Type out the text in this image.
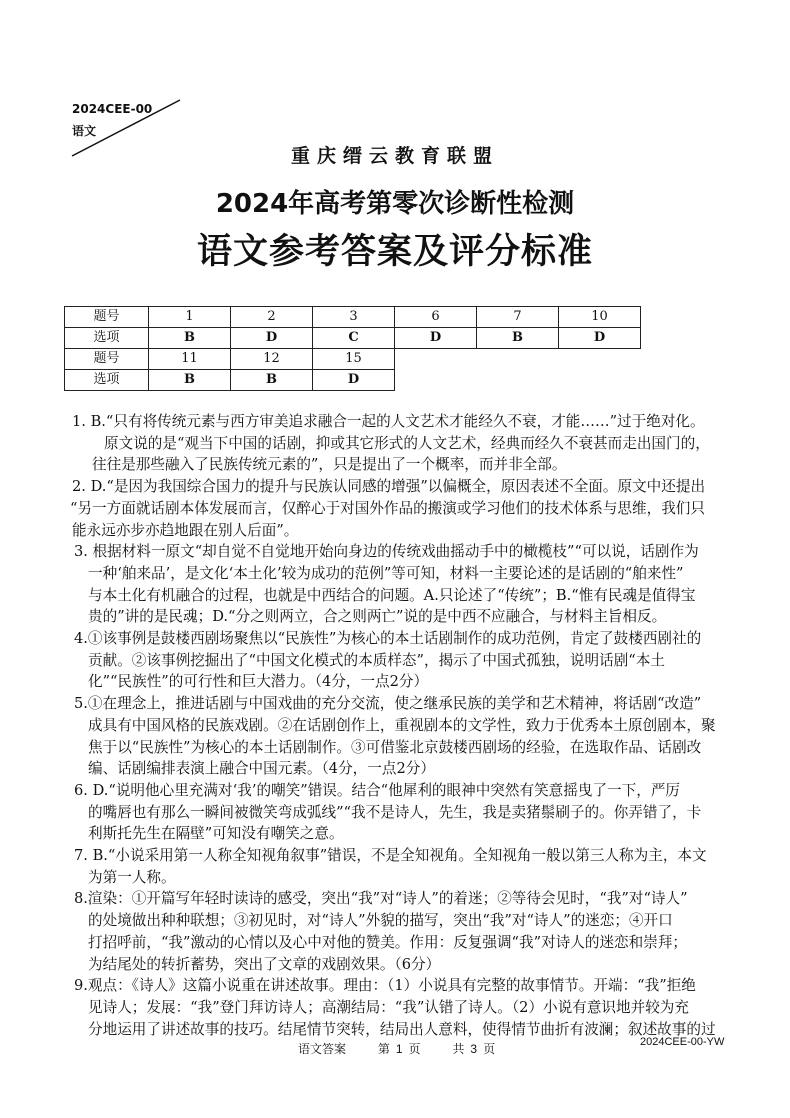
2024CEE-00
语文
重庆缙云教育联盟
2024年高考第零次诊断性检测
语文参考答案及评分标准
题号	1	2	3	6	7	10
选项	B	D	C	D	B	D
题号	11	12	15			
选项	B	B	D			
1. B.“只有将传统元素与西方审美追求融合一起的人文艺术才能经久不衰，才能……”过于绝对化。
原文说的是“观当下中国的话剧，抑或其它形式的人文艺术，经典而经久不衰甚而走出国门的，
往往是那些融入了民族传统元素的”，只是提出了一个概率，而并非全部。
2. D.“是因为我国综合国力的提升与民族认同感的增强”以偏概全，原因表述不全面。原文中还提出
“另一方面就话剧本体发展而言，仅醉心于对国外作品的搬演或学习他们的技术体系与思维，我们只
能永远亦步亦趋地跟在别人后面”。
3. 根据材料一原文“却自觉不自觉地开始向身边的传统戏曲摇动手中的橄榄枝”“可以说，话剧作为
一种‘舶来品’，是文化‘本土化’较为成功的范例”等可知，材料一主要论述的是话剧的“舶来性”
与本土化有机融合的过程，也就是中西结合的问题。A.只论述了“传统”；B.“惟有民魂是值得宝
贵的”讲的是民魂；D.“分之则两立，合之则两亡”说的是中西不应融合，与材料主旨相反。
4.①该事例是鼓楼西剧场聚焦以“民族性”为核心的本土话剧制作的成功范例，肯定了鼓楼西剧社的
贡献。②该事例挖掘出了“中国文化模式的本质样态”，揭示了中国式孤独，说明话剧“本土
化”“民族性”的可行性和巨大潜力。（4分，一点2分）
5.①在理念上，推进话剧与中国戏曲的充分交流，使之继承民族的美学和艺术精神，将话剧“改造”
成具有中国风格的民族戏剧。②在话剧创作上，重视剧本的文学性，致力于优秀本土原创剧本，聚
焦于以“民族性”为核心的本土话剧制作。③可借鉴北京鼓楼西剧场的经验，在选取作品、话剧改
编、话剧编排表演上融合中国元素。（4分，一点2分）
6. D.“说明他心里充满对‘我’的嘲笑”错误。结合“他犀利的眼神中突然有笑意摇曳了一下，严厉
的嘴唇也有那么一瞬间被微笑弯成弧线”“我不是诗人，先生，我是卖猪鬃刷子的。你弄错了，卡
利斯托先生在隔壁”可知没有嘲笑之意。
7. B.“小说采用第一人称全知视角叙事”错误，不是全知视角。全知视角一般以第三人称为主，本文
为第一人称。
8.渲染：①开篇写年轻时读诗的感受，突出“我”对“诗人”的着迷；②等待会见时，“我”对“诗人”
的处境做出种种联想；③初见时，对“诗人”外貌的描写，突出“我”对“诗人”的迷恋；④开口
打招呼前，“我”激动的心情以及心中对他的赞美。作用：反复强调“我”对诗人的迷恋和崇拜；
为结尾处的转折蓄势，突出了文章的戏剧效果。（6分）
9.观点：《诗人》这篇小说重在讲述故事。理由：（1）小说具有完整的故事情节。开端：“我”拒绝
见诗人；发展：“我”登门拜访诗人；高潮结局：“我”认错了诗人。（2）小说有意识地并较为充
分地运用了讲述故事的技巧。结尾情节突转，结局出人意料，使得情节曲折有波澜；叙述故事的过
语文答案	第 1 页	共 3 页	2024CEE-00-YW
